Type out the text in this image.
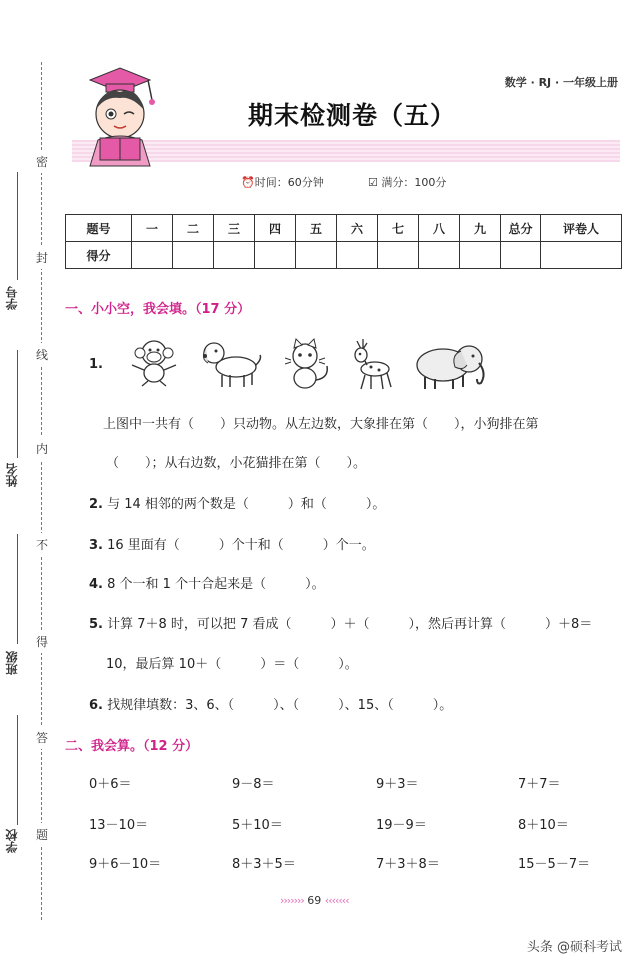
密
封
线
内
不
得
答
题
学号
姓名
班级
学校
数学 · RJ · 一年级上册
期末检测卷（五）
⏰时间：60分钟	☑ 满分：100分
题号	一	二	三	四	五	六	七	八	九	总分	评卷人
得分											
一、小小空，我会填。（17 分）
1.
上图中一共有（　　）只动物。从左边数，大象排在第（　　），小狗排在第
（　　）；从右边数，小花猫排在第（　　）。
2. 与 14 相邻的两个数是（　　　）和（　　　）。
3. 16 里面有（　　　）个十和（　　　）个一。
4. 8 个一和 1 个十合起来是（　　　）。
5. 计算 7＋8 时，可以把 7 看成（　　　）＋（　　　），然后再计算（　　　）＋8＝
10，最后算 10＋（　　　）＝（　　　）。
6. 找规律填数：3、6、（　　　）、（　　　）、15、（　　　）。
二、我会算。（12 分）
0＋6＝	9－8＝	9＋3＝	7＋7＝
13－10＝	5＋10＝	19－9＝	8＋10＝
9＋6－10＝	8＋3＋5＝	7＋3＋8＝	15－5－7＝
››››››› 69 ‹‹‹‹‹‹‹
头条 @硕科考试
